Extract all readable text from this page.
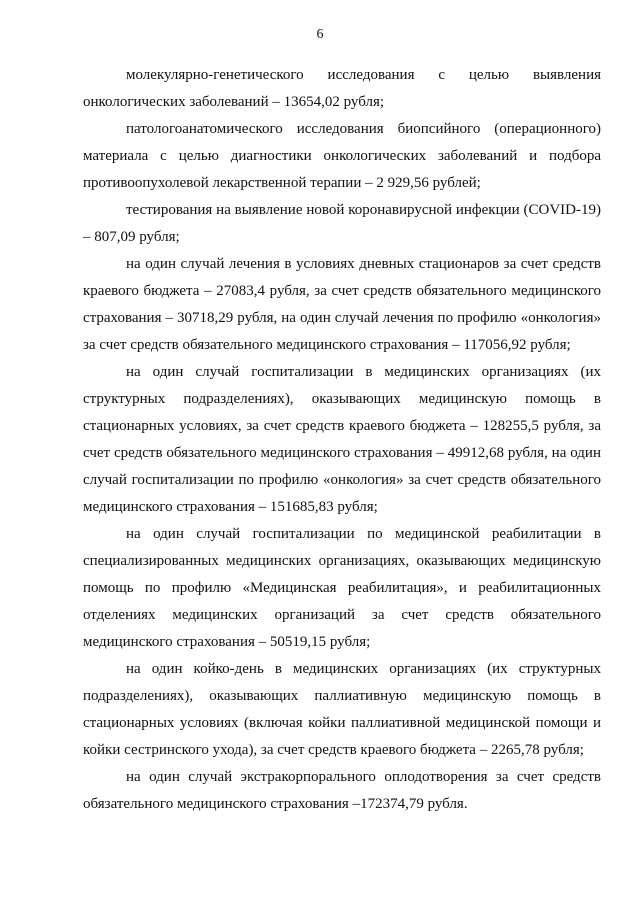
6

молекулярно-генетического исследования с целью выявления онкологических заболеваний – 13654,02 рубля;

патологоанатомического исследования биопсийного (операционного) материала с целью диагностики онкологических заболеваний и подбора противоопухолевой лекарственной терапии – 2 929,56 рублей;

тестирования на выявление новой коронавирусной инфекции (COVID-19) – 807,09 рубля;

на один случай лечения в условиях дневных стационаров за счет средств краевого бюджета – 27083,4 рубля, за счет средств обязательного медицинского страхования – 30718,29 рубля, на один случай лечения по профилю «онкология» за счет средств обязательного медицинского страхования – 117056,92 рубля;

на один случай госпитализации в медицинских организациях (их структурных подразделениях), оказывающих медицинскую помощь в стационарных условиях, за счет средств краевого бюджета – 128255,5 рубля, за счет средств обязательного медицинского страхования – 49912,68 рубля, на один случай госпитализации по профилю «онкология» за счет средств обязательного медицинского страхования – 151685,83 рубля;

на один случай госпитализации по медицинской реабилитации в специализированных медицинских организациях, оказывающих медицинскую помощь по профилю «Медицинская реабилитация», и реабилитационных отделениях медицинских организаций за счет средств обязательного медицинского страхования – 50519,15 рубля;

на один койко-день в медицинских организациях (их структурных подразделениях), оказывающих паллиативную медицинскую помощь в стационарных условиях (включая койки паллиативной медицинской помощи и койки сестринского ухода), за счет средств краевого бюджета – 2265,78 рубля;

на один случай экстракорпорального оплодотворения за счет средств обязательного медицинского страхования –172374,79 рубля.
